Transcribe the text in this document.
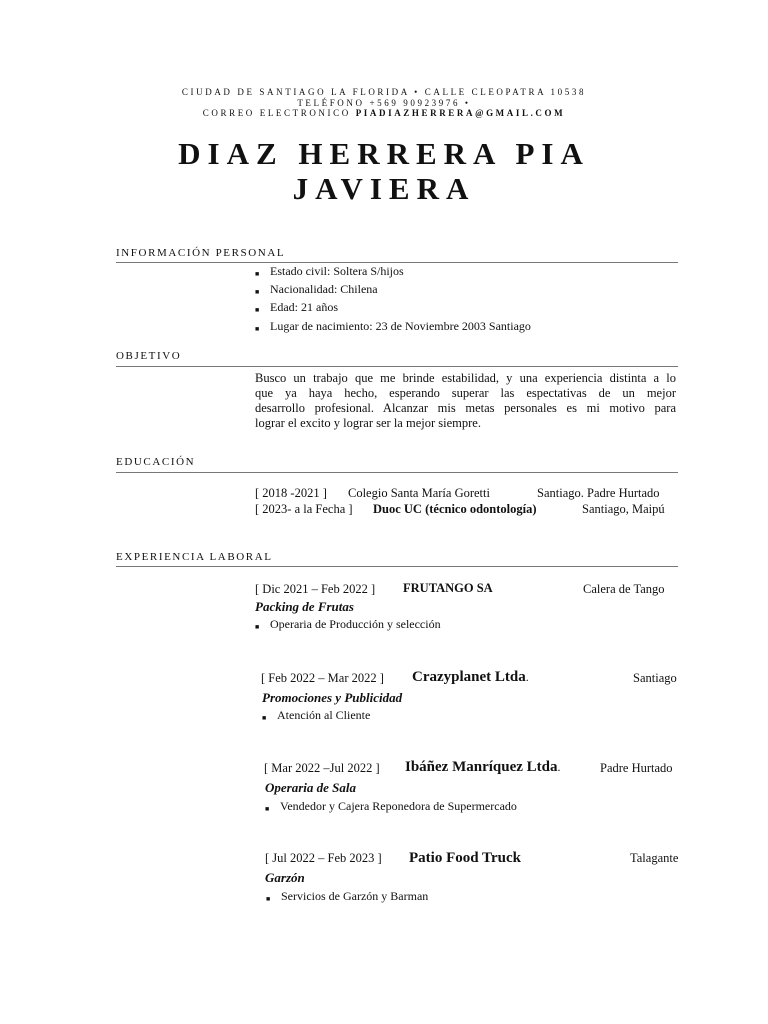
CIUDAD DE SANTIAGO LA FLORIDA • CALLE CLEOPATRA 10538
TELÉFONO +569 90923976 •
CORREO ELECTRONICO PIADIAZHERRERA@GMAIL.COM
DIAZ HERRERA PIA
JAVIERA
INFORMACIÓN PERSONAL
■ Estado civil: Soltera S/hijos
■ Nacionalidad: Chilena
■ Edad: 21 años
■ Lugar de nacimiento: 23 de Noviembre 2003 Santiago
OBJETIVO
Busco un trabajo que me brinde estabilidad, y una experiencia distinta a lo
que ya haya hecho, esperando superar las espectativas de un mejor
desarrollo profesional. Alcanzar mis metas personales es mi motivo para
lograr el excito y lograr ser la mejor siempre.
EDUCACIÓN
[ 2018 -2021 ] Colegio Santa María Goretti	Santiago. Padre Hurtado
[ 2023- a la Fecha ] Duoc UC (técnico odontología)	Santiago, Maipú
EXPERIENCIA LABORAL
[ Dic 2021 – Feb 2022 ] FRUTANGO SA	Calera de Tango
Packing de Frutas
■ Operaria de Producción y selección
[ Feb 2022 – Mar 2022 ] Crazyplanet Ltda.	Santiago
Promociones y Publicidad
■ Atención al Cliente
[ Mar 2022 –Jul 2022 ] Ibáñez Manríquez Ltda.	Padre Hurtado
Operaria de Sala
■ Vendedor y Cajera Reponedora de Supermercado
[ Jul 2022 – Feb 2023 ] Patio Food Truck	Talagante
Garzón
■ Servicios de Garzón y Barman
